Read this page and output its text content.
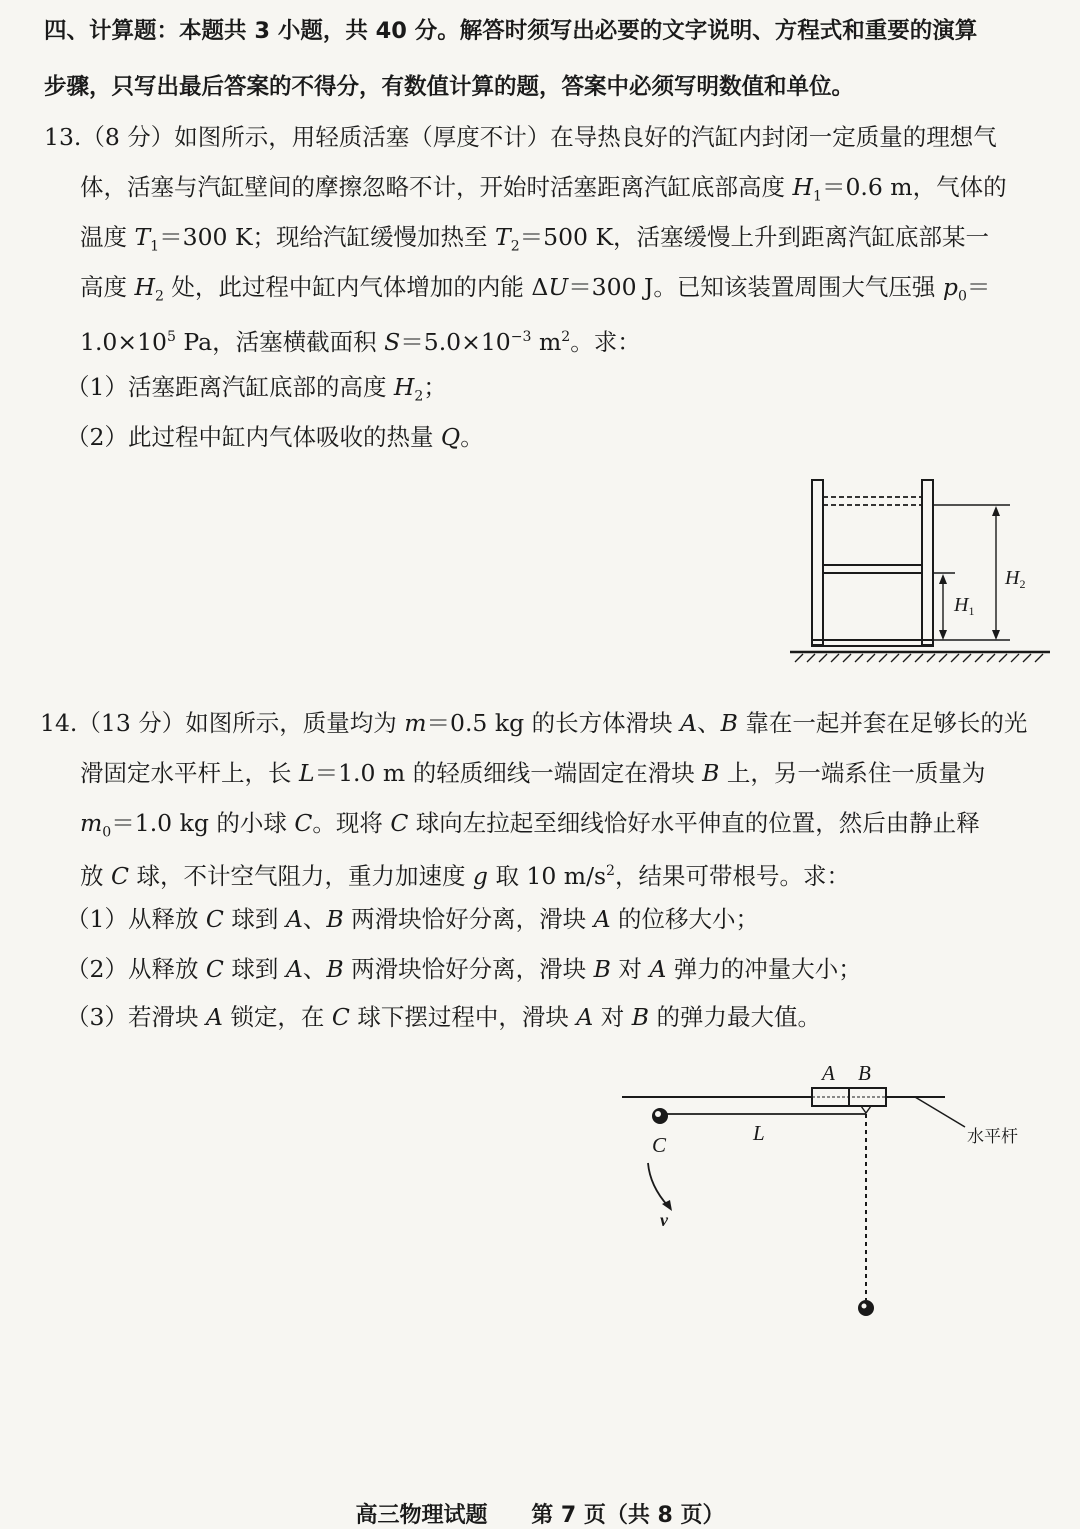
四、计算题：本题共 3 小题，共 40 分。解答时须写出必要的文字说明、方程式和重要的演算
步骤，只写出最后答案的不得分，有数值计算的题，答案中必须写明数值和单位。
13.（8 分）如图所示，用轻质活塞（厚度不计）在导热良好的汽缸内封闭一定质量的理想气
体，活塞与汽缸壁间的摩擦忽略不计，开始时活塞距离汽缸底部高度 $H_1=0.6$ m，气体的
温度 $T_1=300$ K；现给汽缸缓慢加热至 $T_2=500$ K，活塞缓慢上升到距离汽缸底部某一
高度 $H_2$ 处，此过程中缸内气体增加的内能 ΔU＝300 J。已知该装置周围大气压强 $p_0=$
$1.0\times 10^5$ Pa，活塞横截面积 $S=5.0\times 10^{-3}$ $m^2$。求：
（1）活塞距离汽缸底部的高度 $H_2$；
（2）此过程中缸内气体吸收的热量 Q。
$H_1$
$H_2$
14.（13 分）如图所示，质量均为 m＝0.5 kg 的长方体滑块 A、B 靠在一起并套在足够长的光
滑固定水平杆上，长 L＝1.0 m 的轻质细线一端固定在滑块 B 上，另一端系住一质量为
$m_0=1.0$ kg 的小球 C。现将 C 球向左拉起至细线恰好水平伸直的位置，然后由静止释
放 C 球，不计空气阻力，重力加速度 g 取 10 $m/s^2$，结果可带根号。求：
（1）从释放 C 球到 A、B 两滑块恰好分离，滑块 A 的位移大小；
（2）从释放 C 球到 A、B 两滑块恰好分离，滑块 B 对 A 弹力的冲量大小；
（3）若滑块 A 锁定，在 C 球下摆过程中，滑块 A 对 B 的弹力最大值。
A B
L
C
v
水平杆
高三物理试题 第 7 页（共 8 页）
